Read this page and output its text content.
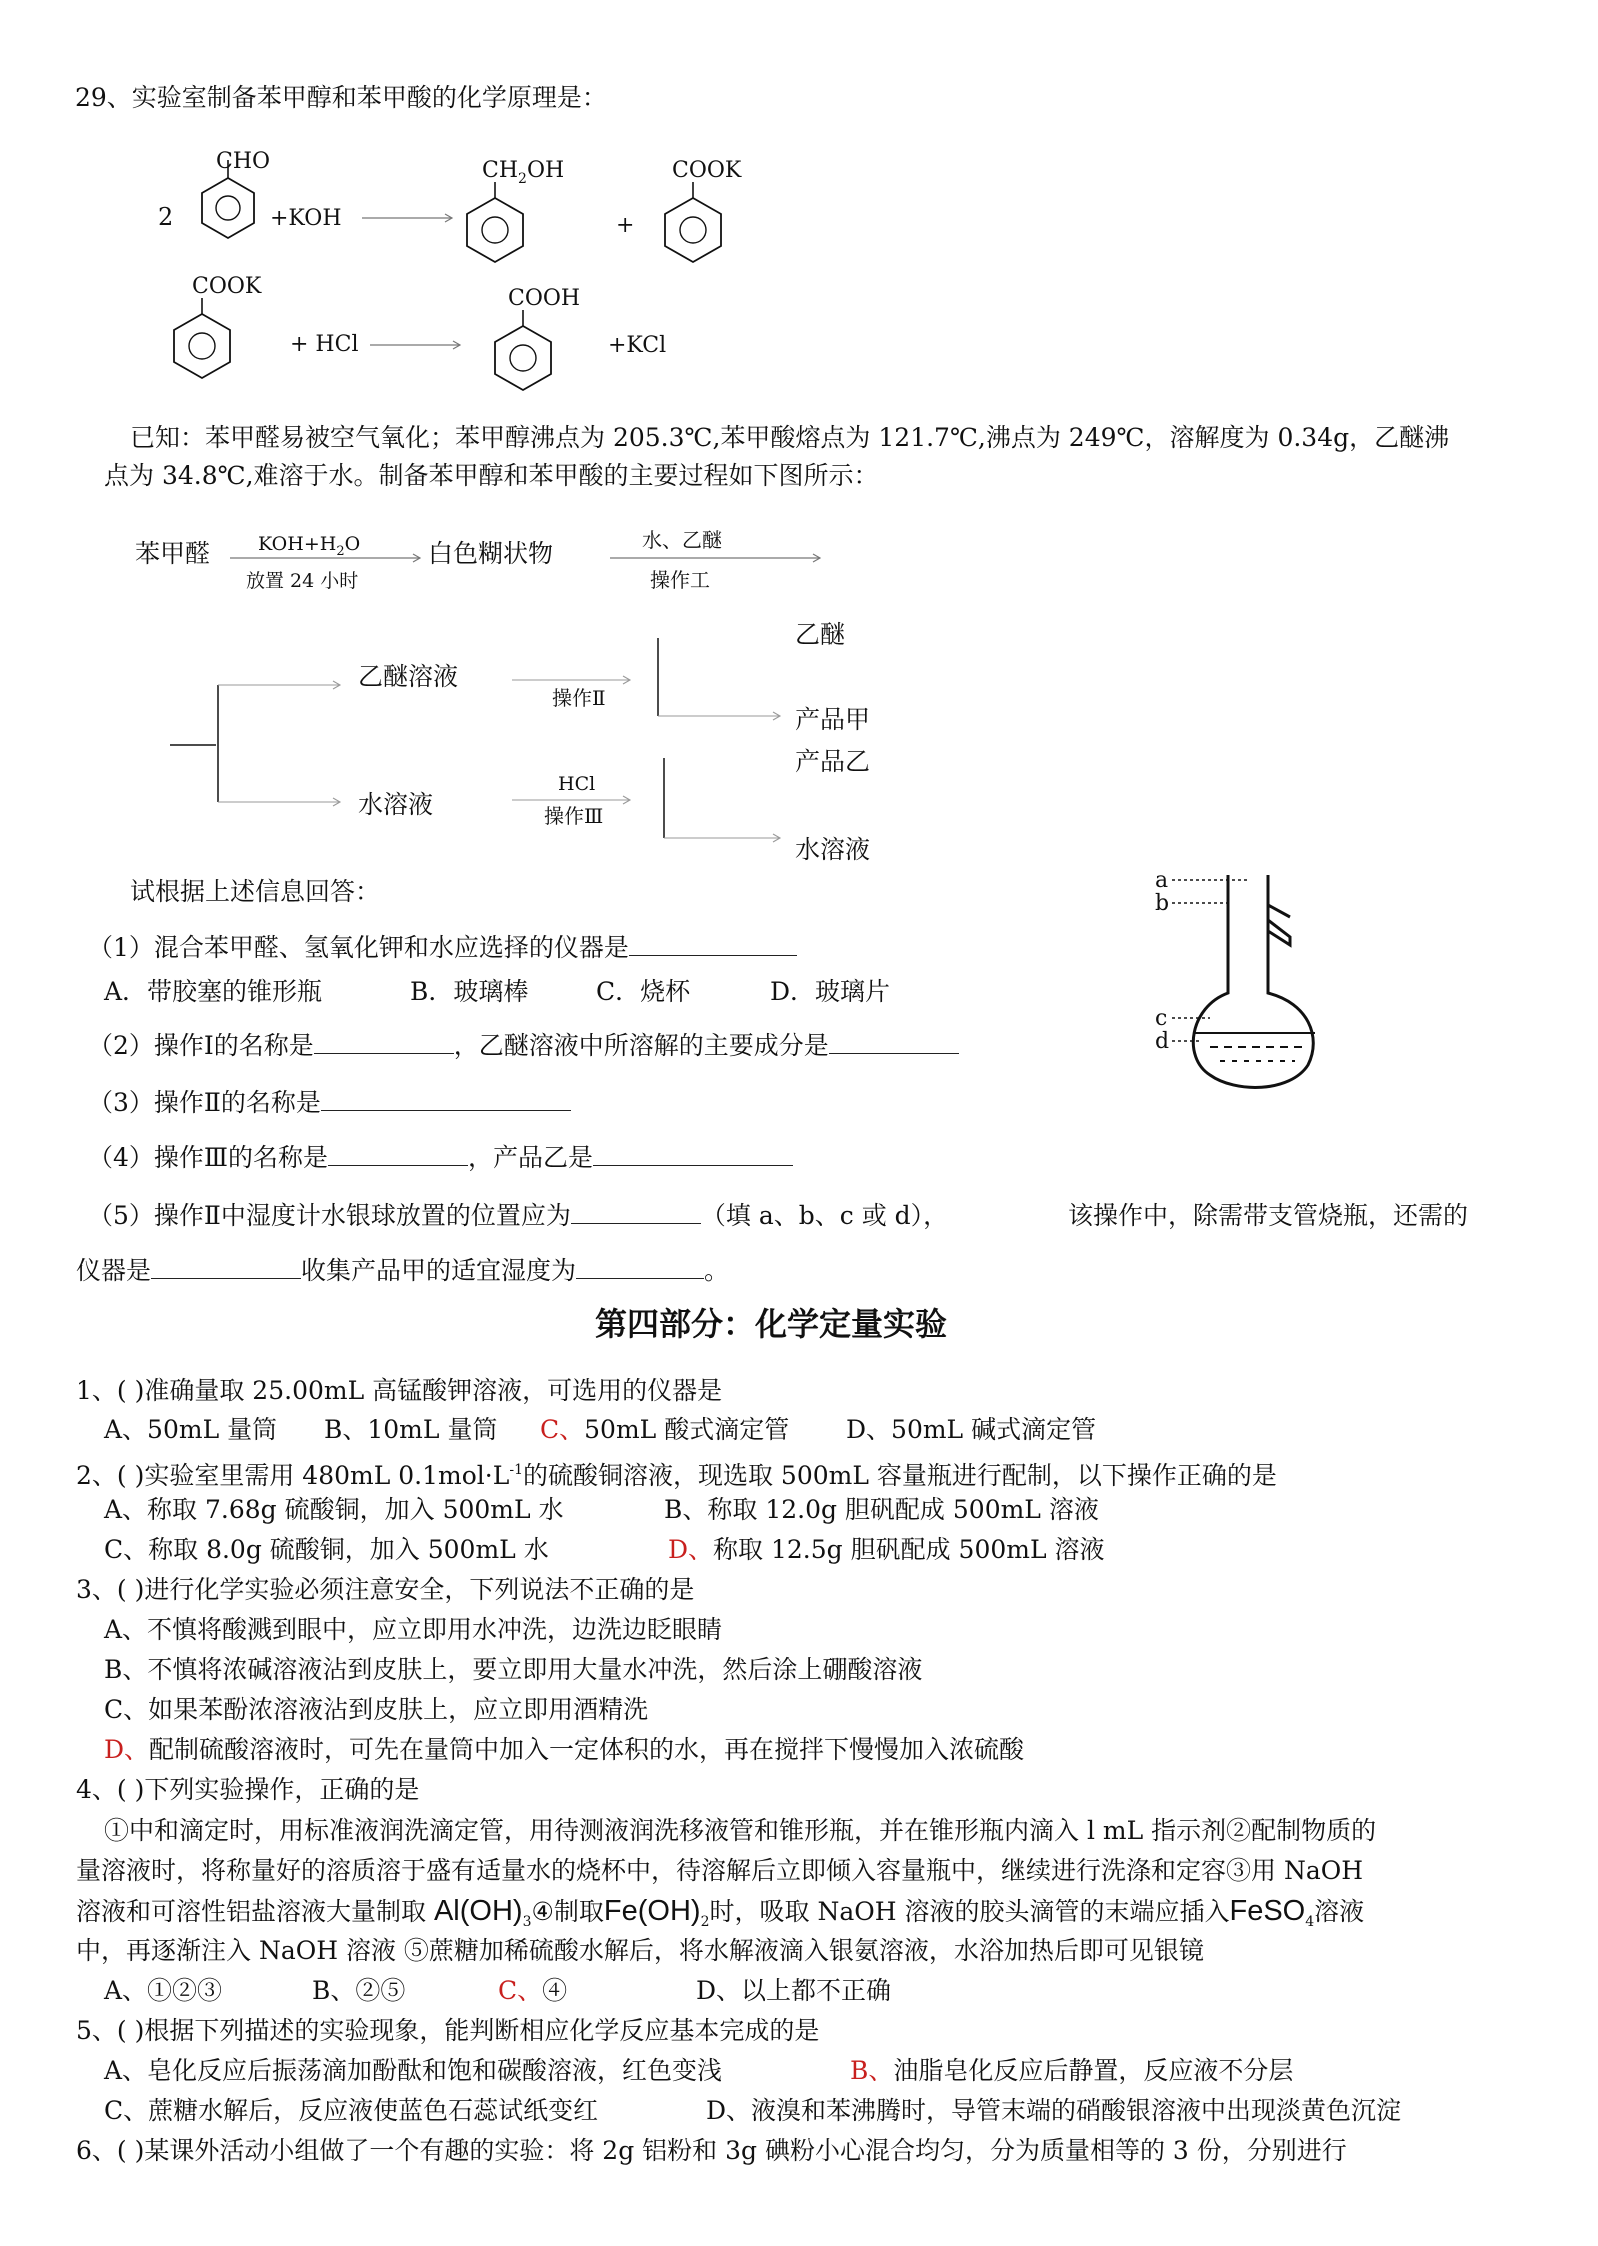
29、实验室制备苯甲醇和苯甲酸的化学原理是：
2
CHO
+KOH
$CH_2OH$
+
COOK
COOK
+ HCl
COOH
+KCl
已知：苯甲醛易被空气氧化；苯甲醇沸点为 205.3℃,苯甲酸熔点为 121.7℃,沸点为 249℃，溶解度为 0.34g，乙醚沸
点为 34.8℃,难溶于水。制备苯甲醇和苯甲酸的主要过程如下图所示：
苯甲醛	$KOH+H_2O$
放置 24 小时
白色糊状物	水、乙醚
操作工
乙醚溶液
操作Ⅱ
乙醚
产品甲
产品乙
水溶液
HCl
操作Ⅲ
水溶液
a
b
c
d
试根据上述信息回答：
（1）混合苯甲醛、氢氧化钾和水应选择的仪器是
A．带胶塞的锥形瓶	B．玻璃棒	C．烧杯	D．玻璃片
（2）操作Ⅰ的名称是	，乙醚溶液中所溶解的主要成分是
（3）操作Ⅱ的名称是
（4）操作Ⅲ的名称是	，产品乙是
（5）操作Ⅱ中湿度计水银球放置的位置应为	（填 a、b、c 或 d），	该操作中，除需带支管烧瓶，还需的
仪器是	收集产品甲的适宜湿度为	。
第四部分：化学定量实验
1、( )准确量取 25.00mL 高锰酸钾溶液，可选用的仪器是
A、50mL 量筒 B、10mL 量筒 C、50mL 酸式滴定管 D、50mL 碱式滴定管
2、( )实验室里需用 480mL $0.1mol\cdot L^{-1}$的硫酸铜溶液，现选取 500mL 容量瓶进行配制，以下操作正确的是
A、称取 7.68g 硫酸铜，加入 500mL 水	B、称取 12.0g 胆矾配成 500mL 溶液
C、称取 8.0g 硫酸铜，加入 500mL 水	D、称取 12.5g 胆矾配成 500mL 溶液
3、( )进行化学实验必须注意安全，下列说法不正确的是
A、不慎将酸溅到眼中，应立即用水冲洗，边洗边眨眼睛
B、不慎将浓碱溶液沾到皮肤上，要立即用大量水冲洗，然后涂上硼酸溶液
C、如果苯酚浓溶液沾到皮肤上，应立即用酒精洗
D、配制硫酸溶液时，可先在量筒中加入一定体积的水，再在搅拌下慢慢加入浓硫酸
4、( )下列实验操作，正确的是
①中和滴定时，用标准液润洗滴定管，用待测液润洗移液管和锥形瓶，并在锥形瓶内滴入 l mL 指示剂②配制物质的
量溶液时，将称量好的溶质溶于盛有适量水的烧杯中，待溶解后立即倾入容量瓶中，继续进行洗涤和定容③用 NaOH
溶液和可溶性铝盐溶液大量制取 $Al(OH)_3④$制取$Fe(OH)_2$时，吸取 NaOH 溶液的胶头滴管的末端应插入FeSO$_4$溶液
中，再逐渐注入 NaOH 溶液 ⑤蔗糖加稀硫酸水解后，将水解液滴入银氨溶液，水浴加热后即可见银镜
A、①②③	B、②⑤	C、④	D、以上都不正确
5、( )根据下列描述的实验现象，能判断相应化学反应基本完成的是
A、皂化反应后振荡滴加酚酞和饱和碳酸溶液，红色变浅	B、油脂皂化反应后静置，反应液不分层
C、蔗糖水解后，反应液使蓝色石蕊试纸变红	D、液溴和苯沸腾时，导管末端的硝酸银溶液中出现淡黄色沉淀
6、( )某课外活动小组做了一个有趣的实验：将 2g 铝粉和 3g 碘粉小心混合均匀，分为质量相等的 3 份，分别进行
